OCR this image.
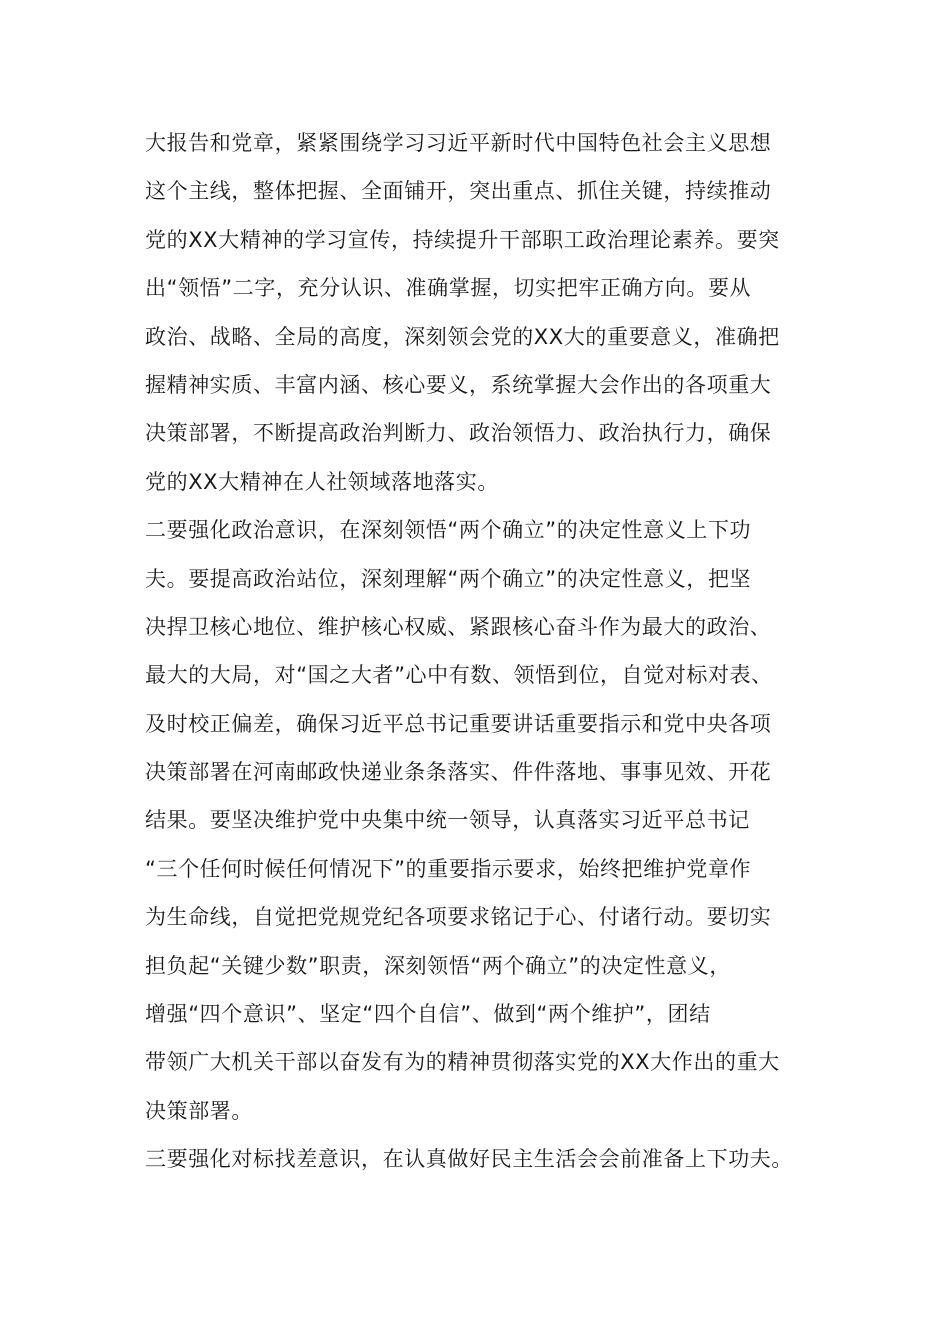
大报告和党章，紧紧围绕学习习近平新时代中国特色社会主义思想
这个主线，整体把握、全面铺开，突出重点、抓住关键，持续推动
党的XX大精神的学习宣传，持续提升干部职工政治理论素养。要突
出“领悟”二字，充分认识、准确掌握，切实把牢正确方向。要从
政治、战略、全局的高度，深刻领会党的XX大的重要意义，准确把
握精神实质、丰富内涵、核心要义，系统掌握大会作出的各项重大
决策部署，不断提高政治判断力、政治领悟力、政治执行力，确保
党的XX大精神在人社领域落地落实。
二要强化政治意识，在深刻领悟“两个确立”的决定性意义上下功
夫。要提高政治站位，深刻理解“两个确立”的决定性意义，把坚
决捍卫核心地位、维护核心权威、紧跟核心奋斗作为最大的政治、
最大的大局，对“国之大者”心中有数、领悟到位，自觉对标对表、
及时校正偏差，确保习近平总书记重要讲话重要指示和党中央各项
决策部署在河南邮政快递业条条落实、件件落地、事事见效、开花
结果。要坚决维护党中央集中统一领导，认真落实习近平总书记
“三个任何时候任何情况下”的重要指示要求，始终把维护党章作
为生命线，自觉把党规党纪各项要求铭记于心、付诸行动。要切实
担负起“关键少数”职责，深刻领悟“两个确立”的决定性意义，
增强“四个意识”、坚定“四个自信”、做到“两个维护”，团结
带领广大机关干部以奋发有为的精神贯彻落实党的XX大作出的重大
决策部署。
三要强化对标找差意识，在认真做好民主生活会会前准备上下功夫。
